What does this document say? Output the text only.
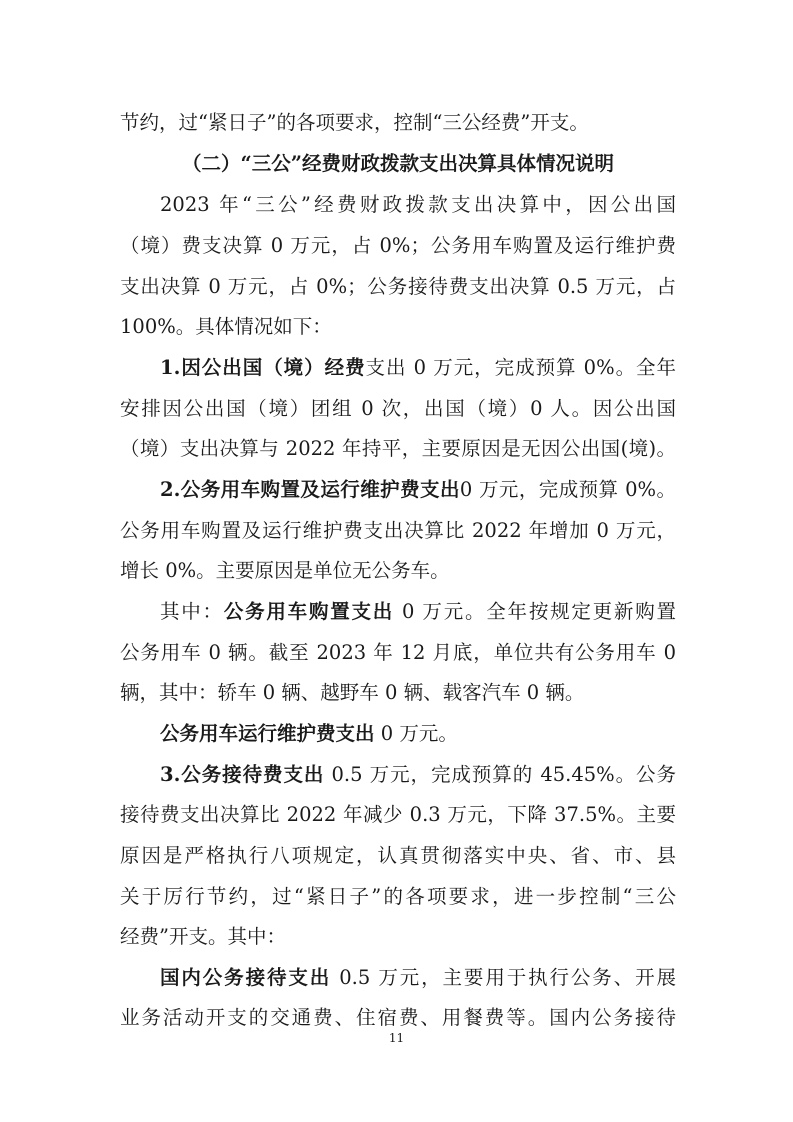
节约，过“紧日子”的各项要求，控制“三公经费”开支。
（二）“三公”经费财政拨款支出决算具体情况说明
2023 年“三公”经费财政拨款支出决算中，因公出国
（境）费支决算 0 万元，占 0%；公务用车购置及运行维护费
支出决算 0 万元，占 0%；公务接待费支出决算 0.5 万元，占
100%。具体情况如下：
1.因公出国（境）经费支出 0 万元，完成预算 0%。全年
安排因公出国（境）团组 0 次，出国（境）0 人。因公出国
（境）支出决算与 2022 年持平，主要原因是无因公出国(境)。
2.公务用车购置及运行维护费支出0 万元，完成预算 0%。
公务用车购置及运行维护费支出决算比 2022 年增加 0 万元，
增长 0%。主要原因是单位无公务车。
其中：公务用车购置支出 0 万元。全年按规定更新购置
公务用车 0 辆。截至 2023 年 12 月底，单位共有公务用车 0
辆，其中：轿车 0 辆、越野车 0 辆、载客汽车 0 辆。
公务用车运行维护费支出 0 万元。
3.公务接待费支出 0.5 万元，完成预算的 45.45%。公务
接待费支出决算比 2022 年减少 0.3 万元，下降 37.5%。主要
原因是严格执行八项规定，认真贯彻落实中央、省、市、县
关于厉行节约，过“紧日子”的各项要求，进一步控制“三公
经费”开支。其中：
国内公务接待支出 0.5 万元，主要用于执行公务、开展
业务活动开支的交通费、住宿费、用餐费等。国内公务接待
11
